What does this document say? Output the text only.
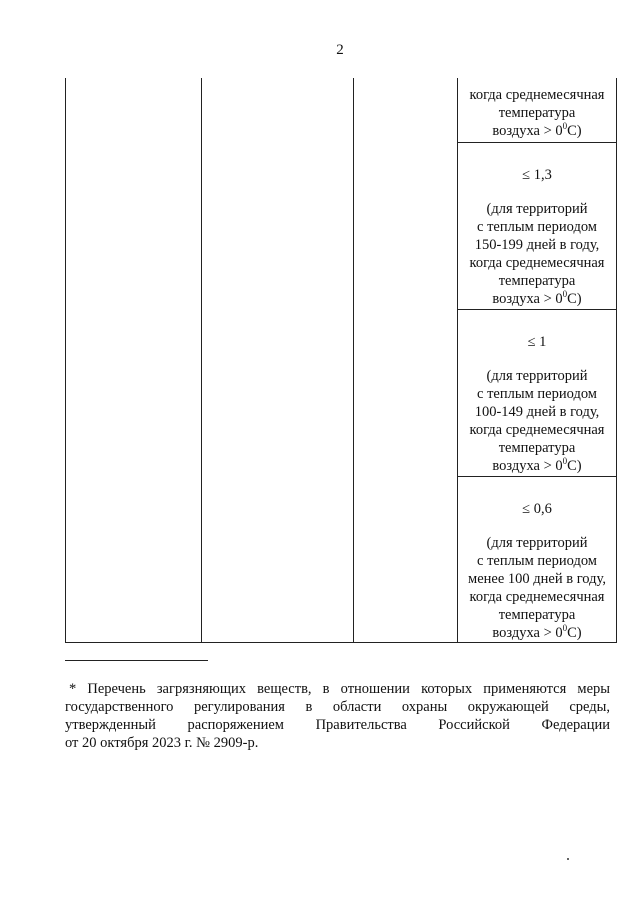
2
когда среднемесячная
температура
воздуха > $0^0С$)
≤ 1,3
(для территорий
с теплым периодом
150-199 дней в году,
когда среднемесячная
температура
воздуха > $0^0С$)
≤ 1
(для территорий
с теплым периодом
100-149 дней в году,
когда среднемесячная
температура
воздуха > $0^0С$)
≤ 0,6
(для территорий
с теплым периодом
менее 100 дней в году,
когда среднемесячная
температура
воздуха > $0^0С$)
* Перечень загрязняющих веществ, в отношении которых применяются меры
государственного регулирования в области охраны окружающей среды,
утвержденный распоряжением Правительства Российской Федерации
от 20 октября 2023 г. № 2909-р.
